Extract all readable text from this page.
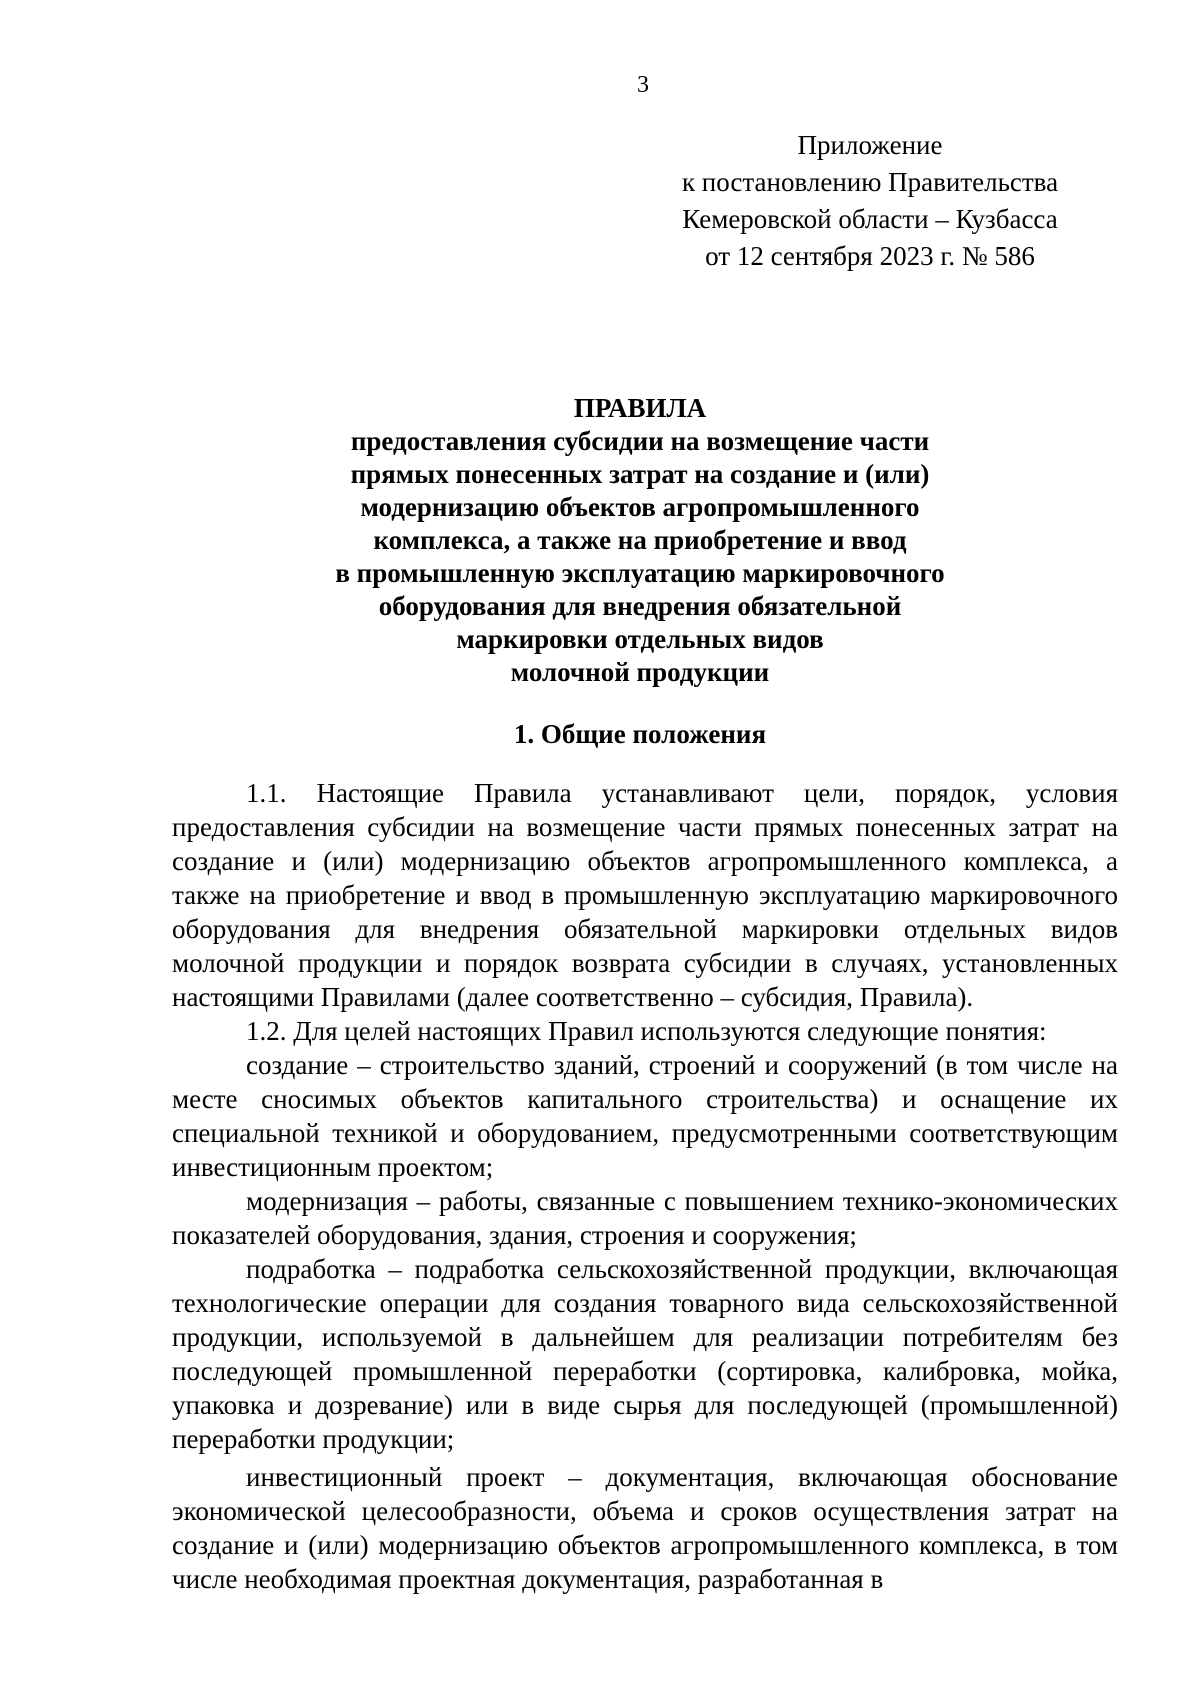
3
Приложение
к постановлению Правительства
Кемеровской области – Кузбасса
от 12 сентября 2023 г. № 586
ПРАВИЛА
предоставления субсидии на возмещение части
прямых понесенных затрат на создание и (или)
модернизацию объектов агропромышленного
комплекса, а также на приобретение и ввод
в промышленную эксплуатацию маркировочного
оборудования для внедрения обязательной
маркировки отдельных видов
молочной продукции
1. Общие положения

1.1. Настоящие Правила устанавливают цели, порядок, условия предоставления субсидии на возмещение части прямых понесенных затрат на создание и (или) модернизацию объектов агропромышленного комплекса, а также на приобретение и ввод в промышленную эксплуатацию маркировочного оборудования для внедрения обязательной маркировки отдельных видов молочной продукции и порядок возврата субсидии в случаях, установленных настоящими Правилами (далее соответственно – субсидия, Правила).

1.2. Для целей настоящих Правил используются следующие понятия:

создание – строительство зданий, строений и сооружений (в том числе на месте сносимых объектов капитального строительства) и оснащение их специальной техникой и оборудованием, предусмотренными соответствующим инвестиционным проектом;

модернизация – работы, связанные с повышением технико-экономических показателей оборудования, здания, строения и сооружения;

подработка – подработка сельскохозяйственной продукции, включающая технологические операции для создания товарного вида сельскохозяйственной продукции, используемой в дальнейшем для реализации потребителям без последующей промышленной переработки (сортировка, калибровка, мойка, упаковка и дозревание) или в виде сырья для последующей (промышленной) переработки продукции;

инвестиционный проект – документация, включающая обоснование экономической целесообразности, объема и сроков осуществления затрат на создание и (или) модернизацию объектов агропромышленного комплекса, в том числе необходимая проектная документация, разработанная в
